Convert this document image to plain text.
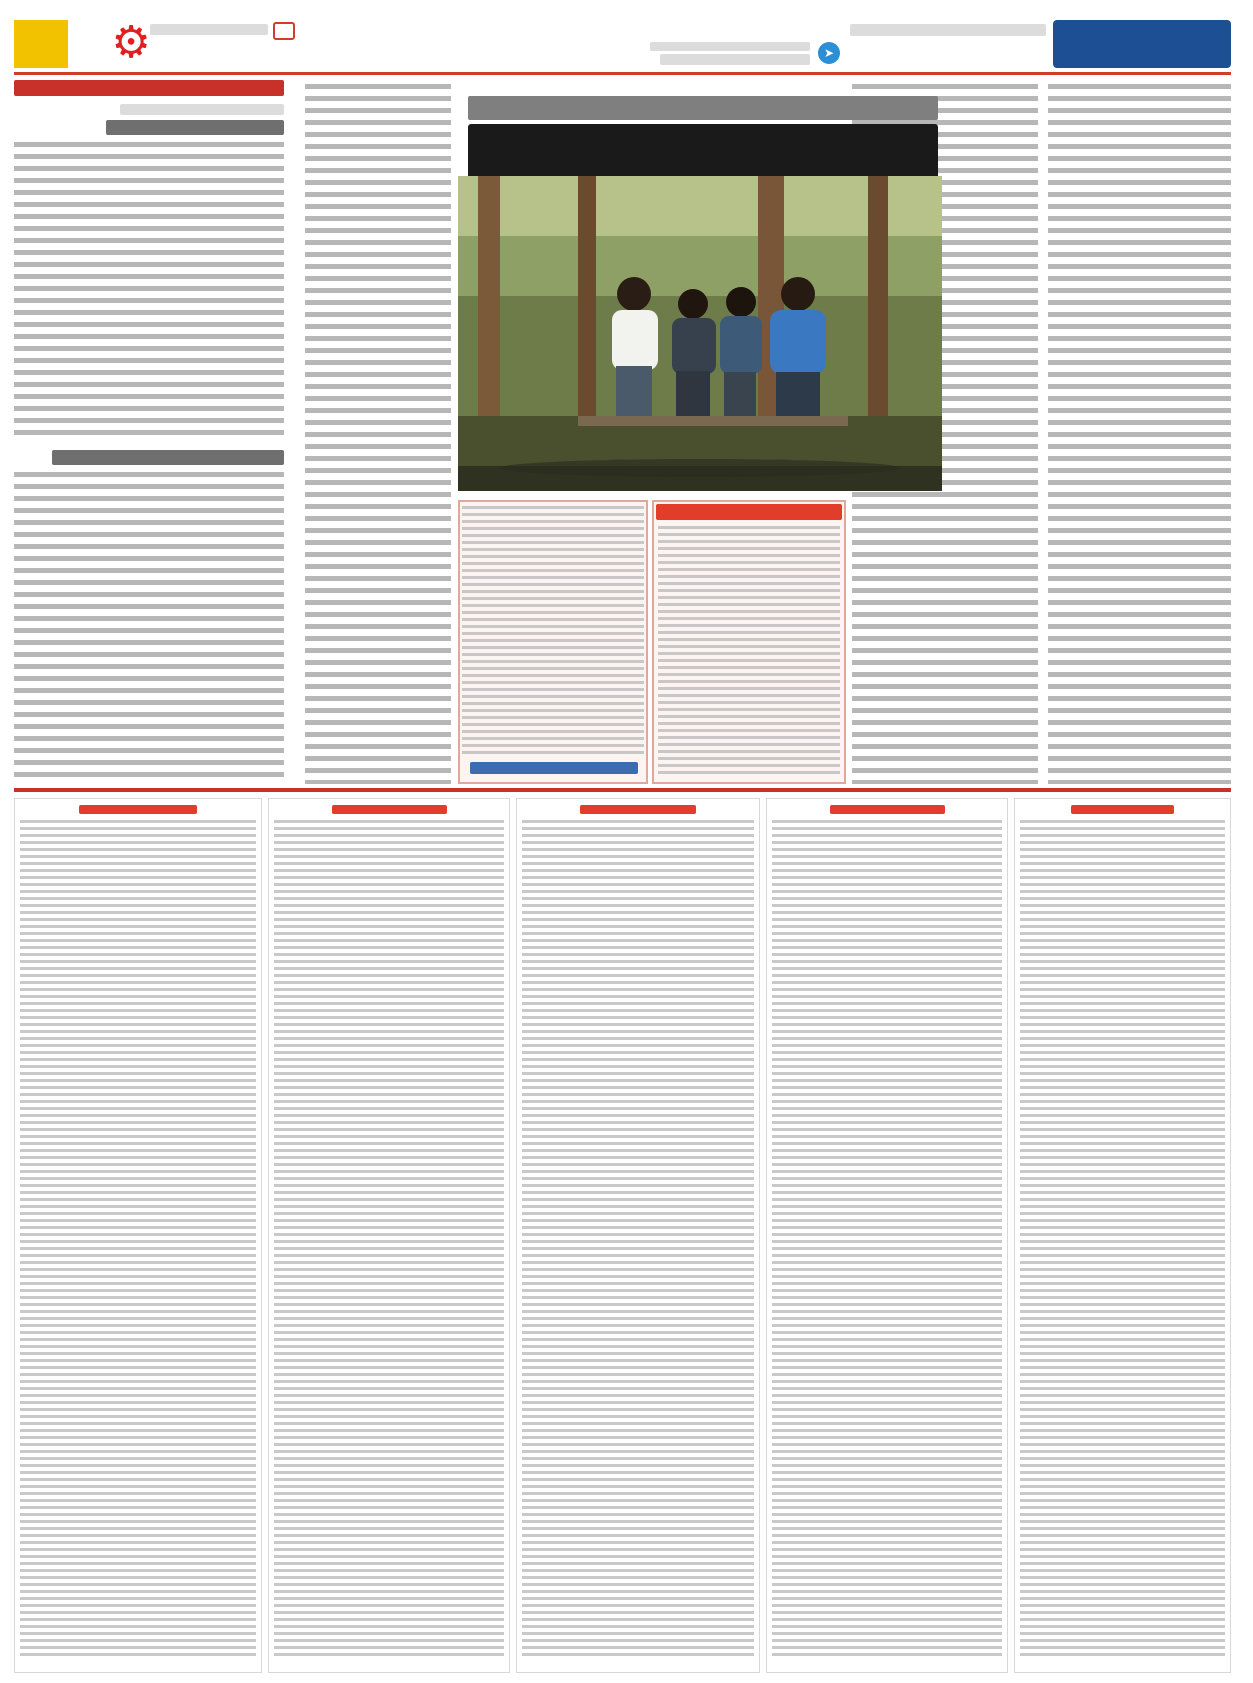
➤
⚙
